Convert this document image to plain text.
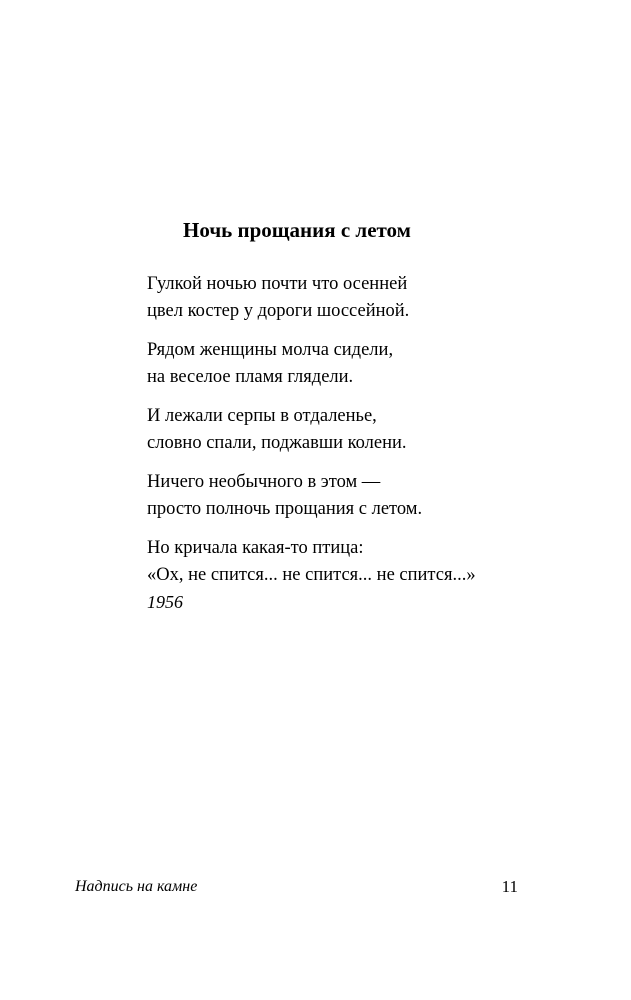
Ночь прощания с летом
Гулкой ночью почти что осенней
цвел костер у дороги шоссейной.
Рядом женщины молча сидели,
на веселое пламя глядели.
И лежали серпы в отдаленье,
словно спали, поджавши колени.
Ничего необычного в этом —
просто полночь прощания с летом.
Но кричала какая-то птица:
«Ох, не спится... не спится... не спится...»
1956
Надпись на камне	11
